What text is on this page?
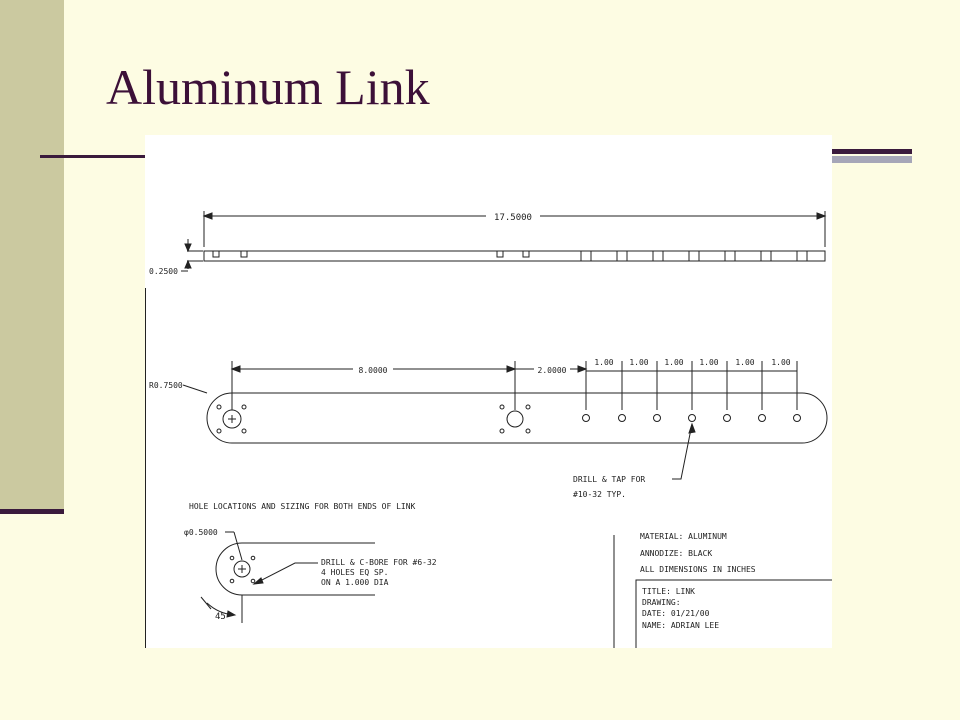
Aluminum Link
17.5000
0.2500
R0.7500
8.0000	2.0000
1.00 1.00 1.00 1.00 1.00 1.00
DRILL & TAP FOR
#10-32 TYP.
HOLE LOCATIONS AND SIZING FOR BOTH ENDS OF LINK
φ0.5000
DRILL & C-BORE FOR #6-32
4 HOLES EQ SP.
ON A 1.000 DIA
45°
MATERIAL: ALUMINUM
ANNODIZE: BLACK
ALL DIMENSIONS IN INCHES
TITLE: LINK
DRAWING:
DATE: 01/21/00
NAME: ADRIAN LEE
